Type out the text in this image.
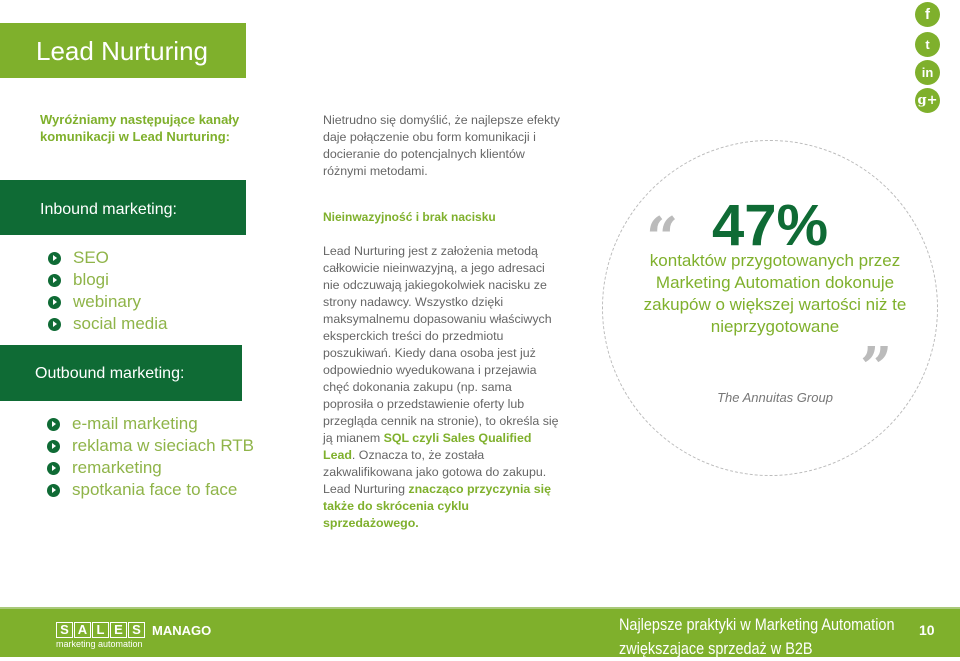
Lead Nurturing
Wyróżniamy następujące kanały komunikacji w Lead Nurturing:
Inbound marketing:
SEO
blogi
webinary
social media
Outbound marketing:
e-mail marketing
reklama w sieciach RTB
remarketing
spotkania face to face
Nietrudno się domyślić, że najlepsze efekty daje połączenie obu form komunikacji i docieranie do potencjalnych klientów różnymi metodami.
Nieinwazyjność i brak nacisku
Lead Nurturing jest z założenia metodą całkowicie nieinwazyjną, a jego adresaci nie odczuwają jakiegokolwiek nacisku ze strony nadawcy. Wszystko dzięki maksymalnemu dopasowaniu właściwych eksperckich treści do przedmiotu poszukiwań. Kiedy dana osoba jest już odpowiednio wyedukowana i przejawia chęć dokonania zakupu (np. sama poprosiła o przedstawienie oferty lub przegląda cennik na stronie), to określa się ją mianem SQL czyli Sales Qualified Lead. Oznacza to, że została zakwalifikowana jako gotowa do zakupu. Lead Nurturing znacząco przyczynia się także do skrócenia cyklu sprzedażowego.
“ 47%
kontaktów przygotowanych przez Marketing Automation dokonuje zakupów o większej wartości niż te nieprzygotowane
”
The Annuitas Group
f
t
in
g+
S A L E S MANAGO
marketing automation
Najlepsze praktyki w Marketing Automation
zwiększajace sprzedaż w B2B
10
